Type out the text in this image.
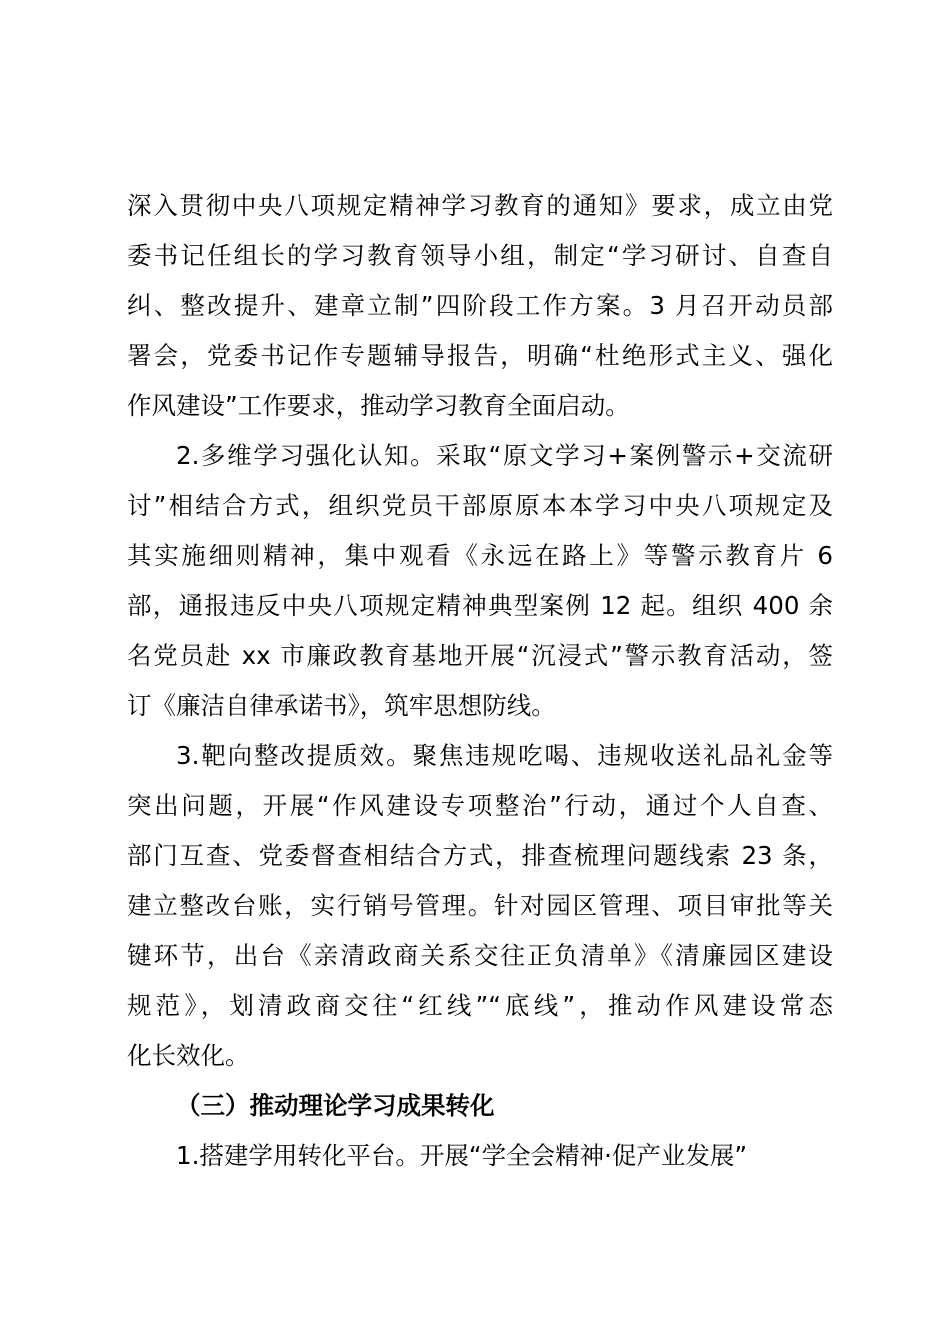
深入贯彻中央八项规定精神学习教育的通知》要求，成立由党
委书记任组长的学习教育领导小组，制定“学习研讨、自查自
纠、整改提升、建章立制”四阶段工作方案。3 月召开动员部
署会，党委书记作专题辅导报告，明确“杜绝形式主义、强化
作风建设”工作要求，推动学习教育全面启动。
2.多维学习强化认知。采取“原文学习+案例警示+交流研
讨”相结合方式，组织党员干部原原本本学习中央八项规定及
其实施细则精神，集中观看《永远在路上》等警示教育片 6
部，通报违反中央八项规定精神典型案例 12 起。组织 400 余
名党员赴 xx 市廉政教育基地开展“沉浸式”警示教育活动，签
订《廉洁自律承诺书》，筑牢思想防线。
3.靶向整改提质效。聚焦违规吃喝、违规收送礼品礼金等
突出问题，开展“作风建设专项整治”行动，通过个人自查、
部门互查、党委督查相结合方式，排查梳理问题线索 23 条，
建立整改台账，实行销号管理。针对园区管理、项目审批等关
键环节，出台《亲清政商关系交往正负清单》《清廉园区建设
规范》，划清政商交往“红线”“底线”，推动作风建设常态
化长效化。
（三）推动理论学习成果转化
1.搭建学用转化平台。开展“学全会精神·促产业发展”
